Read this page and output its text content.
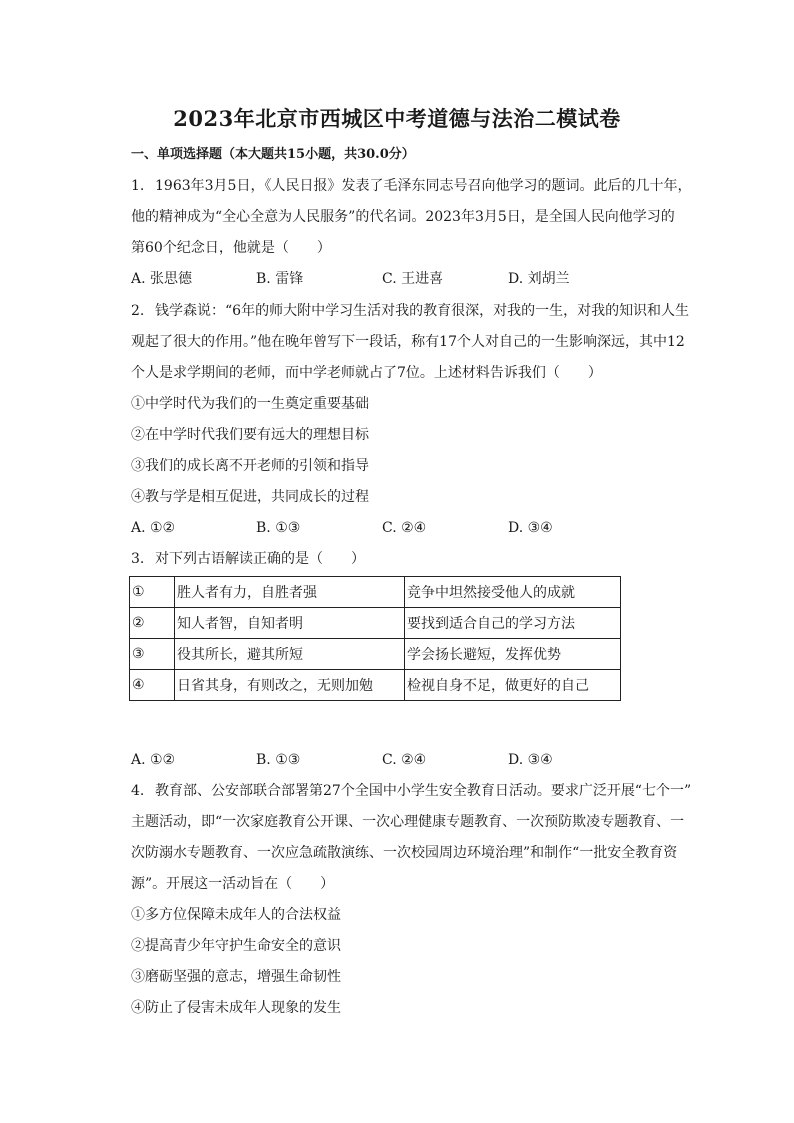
2023年北京市西城区中考道德与法治二模试卷
一、单项选择题（本大题共15小题，共30.0分）
1. 1963年3月5日，《人民日报》发表了毛泽东同志号召向他学习的题词。此后的几十年，
他的精神成为“全心全意为人民服务”的代名词。2023年3月5日，是全国人民向他学习的
第60个纪念日，他就是（　　）
A. 张思德	B. 雷锋	C. 王进喜	D. 刘胡兰
2. 钱学森说：“6年的师大附中学习生活对我的教育很深，对我的一生，对我的知识和人生
观起了很大的作用。”他在晚年曾写下一段话，称有17个人对自己的一生影响深远，其中12
个人是求学期间的老师，而中学老师就占了7位。上述材料告诉我们（　　）
①中学时代为我们的一生奠定重要基础
②在中学时代我们要有远大的理想目标
③我们的成长离不开老师的引领和指导
④教与学是相互促进，共同成长的过程
A. ①②	B. ①③	C. ②④	D. ③④
3. 对下列古语解读正确的是（　　）
①	胜人者有力，自胜者强	竞争中坦然接受他人的成就
②	知人者智，自知者明	要找到适合自己的学习方法
③	役其所长，避其所短	学会扬长避短，发挥优势
④	日省其身，有则改之，无则加勉	检视自身不足，做更好的自己
A. ①②	B. ①③	C. ②④	D. ③④
4. 教育部、公安部联合部署第27个全国中小学生安全教育日活动。要求广泛开展“七个一”
主题活动，即“一次家庭教育公开课、一次心理健康专题教育、一次预防欺凌专题教育、一
次防溺水专题教育、一次应急疏散演练、一次校园周边环境治理”和制作“一批安全教育资
源”。开展这一活动旨在（　　）
①多方位保障未成年人的合法权益
②提高青少年守护生命安全的意识
③磨砺坚强的意志，增强生命韧性
④防止了侵害未成年人现象的发生
